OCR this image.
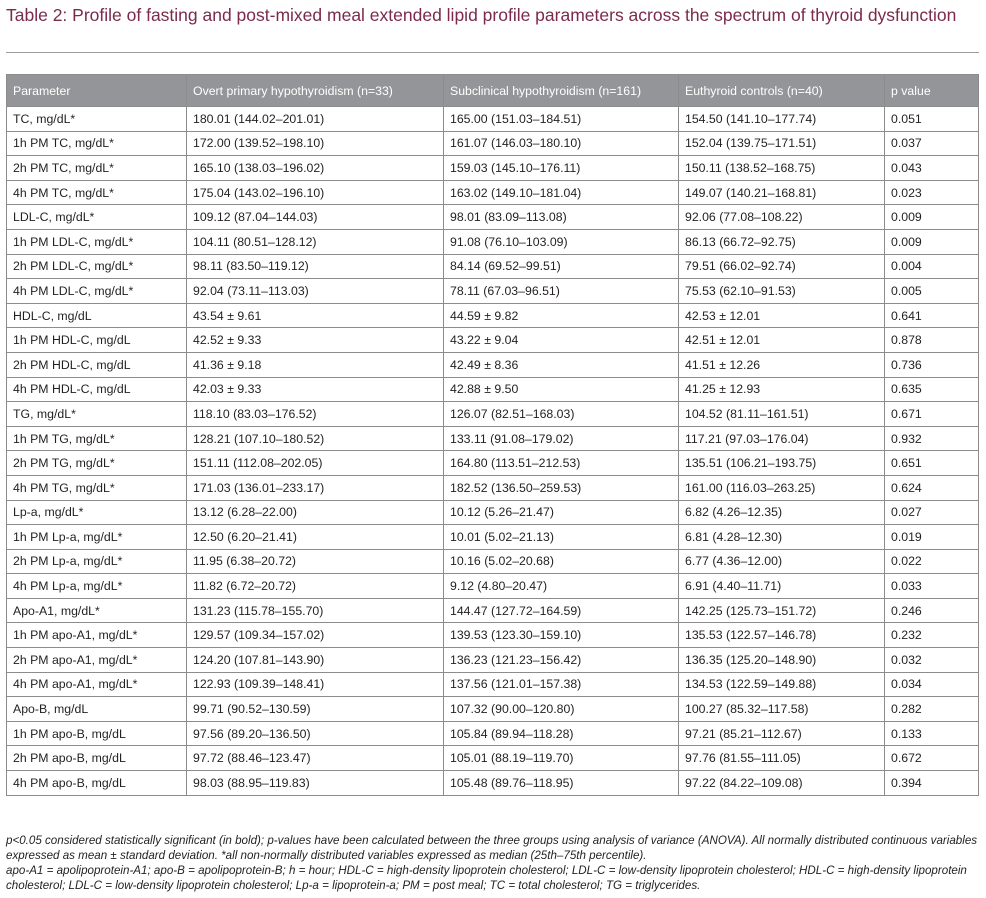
Table 2: Profile of fasting and post-mixed meal extended lipid profile parameters across the spectrum of thyroid dysfunction
Parameter	Overt primary hypothyroidism (n=33)	Subclinical hypothyroidism (n=161)	Euthyroid controls (n=40)	p value
TC, mg/dL*	180.01 (144.02–201.01)	165.00 (151.03–184.51)	154.50 (141.10–177.74)	0.051
1h PM TC, mg/dL*	172.00 (139.52–198.10)	161.07 (146.03–180.10)	152.04 (139.75–171.51)	0.037
2h PM TC, mg/dL*	165.10 (138.03–196.02)	159.03 (145.10–176.11)	150.11 (138.52–168.75)	0.043
4h PM TC, mg/dL*	175.04 (143.02–196.10)	163.02 (149.10–181.04)	149.07 (140.21–168.81)	0.023
LDL-C, mg/dL*	109.12 (87.04–144.03)	98.01 (83.09–113.08)	92.06 (77.08–108.22)	0.009
1h PM LDL-C, mg/dL*	104.11 (80.51–128.12)	91.08 (76.10–103.09)	86.13 (66.72–92.75)	0.009
2h PM LDL-C, mg/dL*	98.11 (83.50–119.12)	84.14 (69.52–99.51)	79.51 (66.02–92.74)	0.004
4h PM LDL-C, mg/dL*	92.04 (73.11–113.03)	78.11 (67.03–96.51)	75.53 (62.10–91.53)	0.005
HDL-C, mg/dL	43.54 ± 9.61	44.59 ± 9.82	42.53 ± 12.01	0.641
1h PM HDL-C, mg/dL	42.52 ± 9.33	43.22 ± 9.04	42.51 ± 12.01	0.878
2h PM HDL-C, mg/dL	41.36 ± 9.18	42.49 ± 8.36	41.51 ± 12.26	0.736
4h PM HDL-C, mg/dL	42.03 ± 9.33	42.88 ± 9.50	41.25 ± 12.93	0.635
TG, mg/dL*	118.10 (83.03–176.52)	126.07 (82.51–168.03)	104.52 (81.11–161.51)	0.671
1h PM TG, mg/dL*	128.21 (107.10–180.52)	133.11 (91.08–179.02)	117.21 (97.03–176.04)	0.932
2h PM TG, mg/dL*	151.11 (112.08–202.05)	164.80 (113.51–212.53)	135.51 (106.21–193.75)	0.651
4h PM TG, mg/dL*	171.03 (136.01–233.17)	182.52 (136.50–259.53)	161.00 (116.03–263.25)	0.624
Lp-a, mg/dL*	13.12 (6.28–22.00)	10.12 (5.26–21.47)	6.82 (4.26–12.35)	0.027
1h PM Lp-a, mg/dL*	12.50 (6.20–21.41)	10.01 (5.02–21.13)	6.81 (4.28–12.30)	0.019
2h PM Lp-a, mg/dL*	11.95 (6.38–20.72)	10.16 (5.02–20.68)	6.77 (4.36–12.00)	0.022
4h PM Lp-a, mg/dL*	11.82 (6.72–20.72)	9.12 (4.80–20.47)	6.91 (4.40–11.71)	0.033
Apo-A1, mg/dL*	131.23 (115.78–155.70)	144.47 (127.72–164.59)	142.25 (125.73–151.72)	0.246
1h PM apo-A1, mg/dL*	129.57 (109.34–157.02)	139.53 (123.30–159.10)	135.53 (122.57–146.78)	0.232
2h PM apo-A1, mg/dL*	124.20 (107.81–143.90)	136.23 (121.23–156.42)	136.35 (125.20–148.90)	0.032
4h PM apo-A1, mg/dL*	122.93 (109.39–148.41)	137.56 (121.01–157.38)	134.53 (122.59–149.88)	0.034
Apo-B, mg/dL	99.71 (90.52–130.59)	107.32 (90.00–120.80)	100.27 (85.32–117.58)	0.282
1h PM apo-B, mg/dL	97.56 (89.20–136.50)	105.84 (89.94–118.28)	97.21 (85.21–112.67)	0.133
2h PM apo-B, mg/dL	97.72 (88.46–123.47)	105.01 (88.19–119.70)	97.76 (81.55–111.05)	0.672
4h PM apo-B, mg/dL	98.03 (88.95–119.83)	105.48 (89.76–118.95)	97.22 (84.22–109.08)	0.394

p<0.05 considered statistically significant (in bold); p-values have been calculated between the three groups using analysis of variance (ANOVA). All normally distributed continuous variables expressed as mean ± standard deviation. *all non-normally distributed variables expressed as median (25th–75th percentile).

apo-A1 = apolipoprotein-A1; apo-B = apolipoprotein-B; h = hour; HDL-C = high-density lipoprotein cholesterol; LDL-C = low-density lipoprotein cholesterol; HDL-C = high-density lipoprotein cholesterol; LDL-C = low-density lipoprotein cholesterol; Lp-a = lipoprotein-a; PM = post meal; TC = total cholesterol; TG = triglycerides.
